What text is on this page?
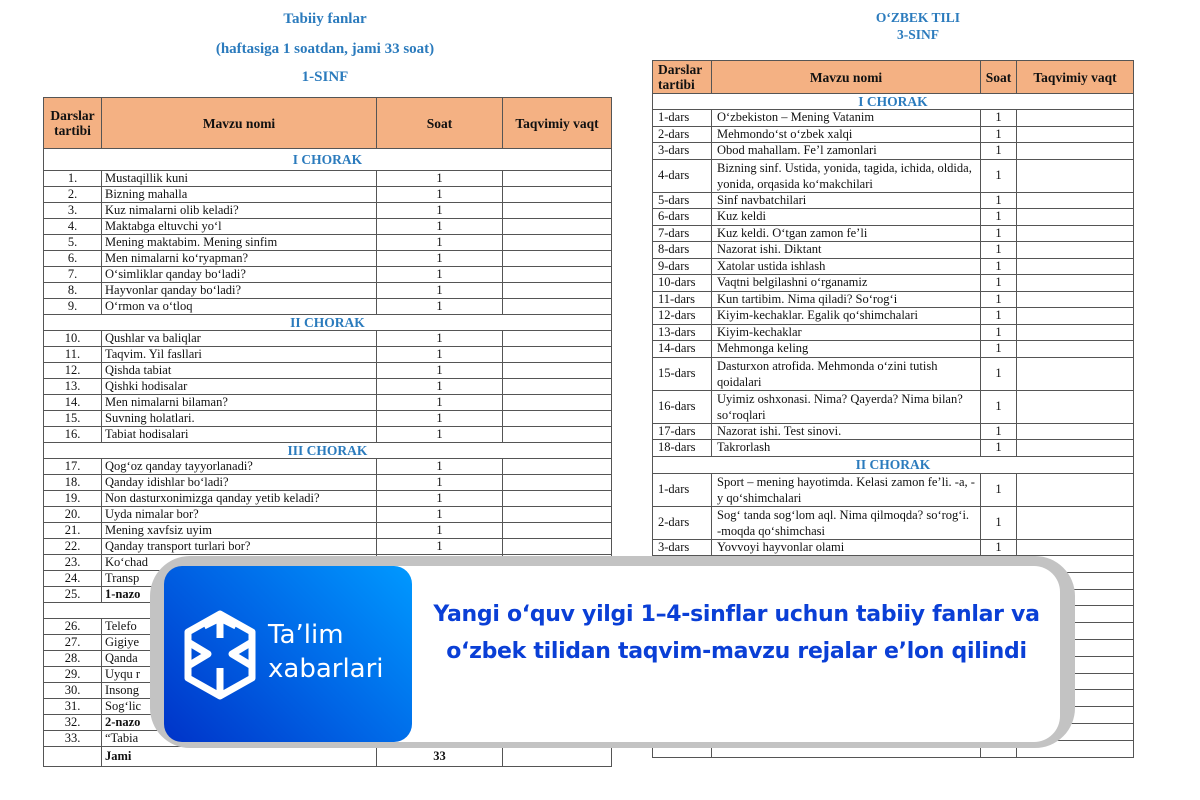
Tabiiy fanlar
(haftasiga 1 soatdan, jami 33 soat)
1-SINF
Darslar tartibi	Mavzu nomi	Soat	Taqvimiy vaqt
I CHORAK			
1.	Mustaqillik kuni	1	
2.	Bizning mahalla	1	
3.	Kuz nimalarni olib keladi?	1	
4.	Maktabga eltuvchi yo‘l	1	
5.	Mening maktabim. Mening sinfim	1	
6.	Men nimalarni ko‘ryapman?	1	
7.	O‘simliklar qanday bo‘ladi?	1	
8.	Hayvonlar qanday bo‘ladi?	1	
9.	O‘rmon va o‘tloq	1	
II CHORAK			
10.	Qushlar va baliqlar	1	
11.	Taqvim. Yil fasllari	1	
12.	Qishda tabiat	1	
13.	Qishki hodisalar	1	
14.	Men nimalarni bilaman?	1	
15.	Suvning holatlari.	1	
16.	Tabiat hodisalari	1	
III CHORAK			
17.	Qog‘oz qanday tayyorlanadi?	1	
18.	Qanday idishlar bo‘ladi?	1	
19.	Non dasturxonimizga qanday yetib keladi?	1	
20.	Uyda nimalar bor?	1	
21.	Mening xavfsiz uyim	1	
22.	Qanday transport turlari bor?	1	
23.	Ko‘chad		
24.	Transp		
25.	1-nazo		

26.	Telefo		
27.	Gigiye		
28.	Qanda		
29.	Uyqu r		
30.	Insong		
31.	Sog‘lic		
32.	2-nazo		
33.	“Tabia		
	Jami	33	
O‘ZBEK TILI
3-SINF
Darslar tartibi	Mavzu nomi	Soat	Taqvimiy vaqt
I CHORAK			
1-dars	O‘zbekiston – Mening Vatanim	1	
2-dars	Mehmondo‘st o‘zbek xalqi	1	
3-dars	Obod mahallam. Fe’l zamonlari	1	
4-dars	Bizning sinf. Ustida, yonida, tagida, ichida, oldida, yonida, orqasida ko‘makchilari	1	
5-dars	Sinf navbatchilari	1	
6-dars	Kuz keldi	1	
7-dars	Kuz keldi. O‘tgan zamon fe’li	1	
8-dars	Nazorat ishi. Diktant	1	
9-dars	Xatolar ustida ishlash	1	
10-dars	Vaqtni belgilashni o‘rganamiz	1	
11-dars	Kun tartibim. Nima qiladi? So‘rog‘i	1	
12-dars	Kiyim-kechaklar. Egalik qo‘shimchalari	1	
13-dars	Kiyim-kechaklar	1	
14-dars	Mehmonga keling	1	
15-dars	Dasturxon atrofida. Mehmonda o‘zini tutish qoidalari	1	
16-dars	Uyimiz oshxonasi. Nima? Qayerda? Nima bilan? so‘roqlari	1	
17-dars	Nazorat ishi. Test sinovi.	1	
18-dars	Takrorlash	1	
II CHORAK			
1-dars	Sport – mening hayotimda. Kelasi zamon fe’li. -a, -y qo‘shimchalari	1	
2-dars	Sog‘ tanda sog‘lom aql. Nima qilmoqda? so‘rog‘i. -moqda qo‘shimchasi	1	
3-dars	Yovvoyi hayvonlar olami	1	

Ta’lim
xabarlari
Yangi o‘quv yilgi 1–4-sinflar uchun tabiiy fanlar va o‘zbek tilidan taqvim-mavzu rejalar e’lon qilindi
